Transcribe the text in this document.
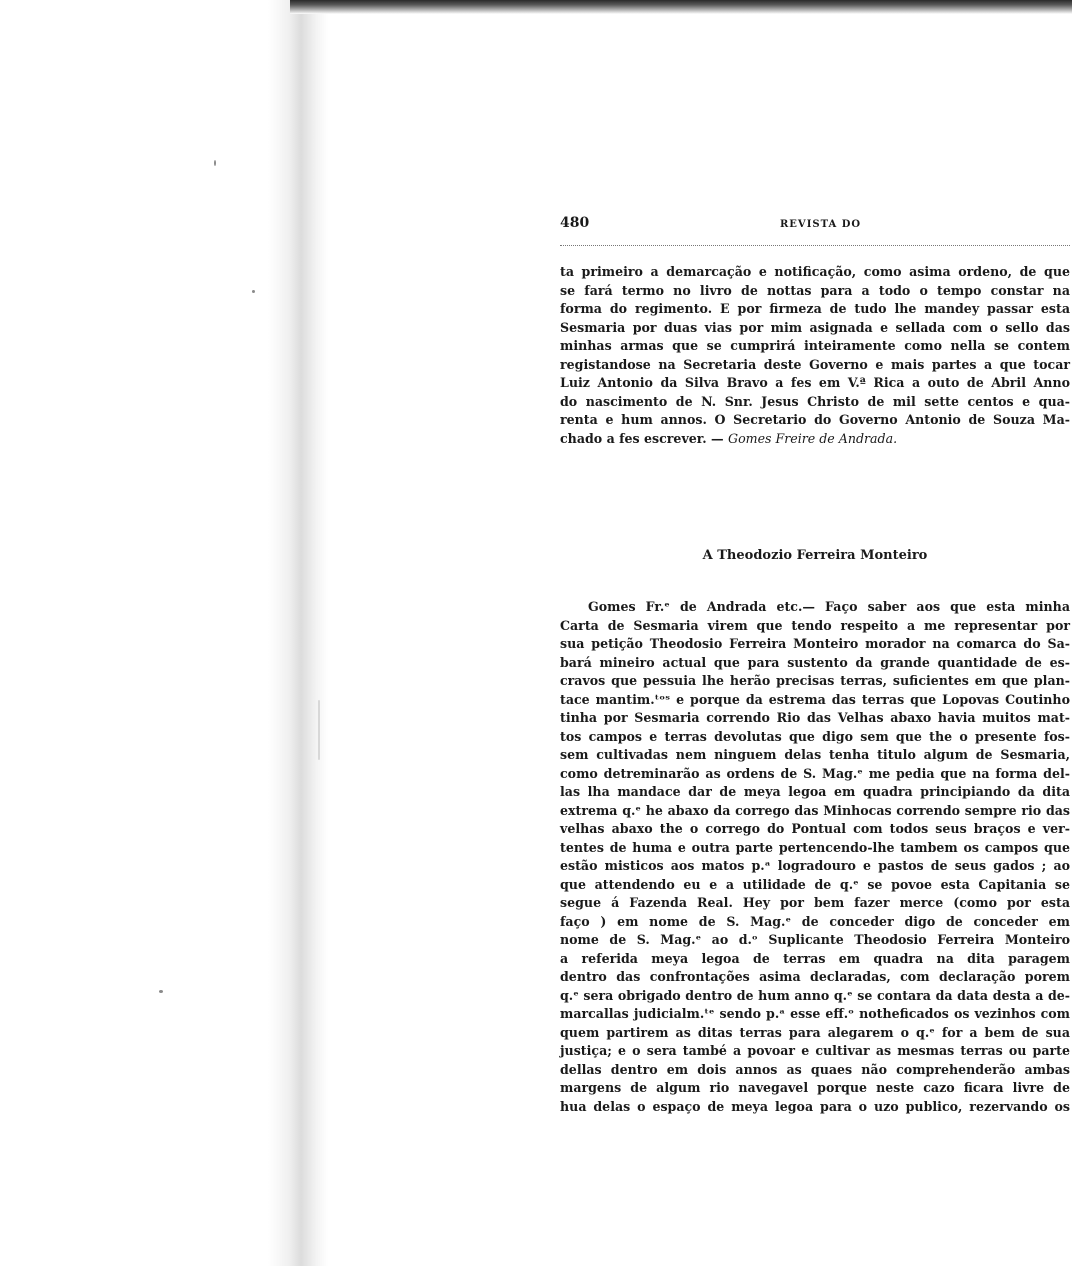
480	REVISTA DO
ta primeiro a demarcação e notificação, como asima ordeno, de que
se fará termo no livro de nottas para a todo o tempo constar na
forma do regimento. E por firmeza de tudo lhe mandey passar esta
Sesmaria por duas vias por mim asignada e sellada com o sello das
minhas armas que se cumprirá inteiramente como nella se contem
registandose na Secretaria deste Governo e mais partes a que tocar
Luiz Antonio da Silva Bravo a fes em V.ª Rica a outo de Abril Anno
do nascimento de N. Snr. Jesus Christo de mil sette centos e qua-
renta e hum annos. O Secretario do Governo Antonio de Souza Ma-
chado a fes escrever. — Gomes Freire de Andrada.
A Theodozio Ferreira Monteiro
Gomes Fr.ᵉ de Andrada etc.— Faço saber aos que esta minha
Carta de Sesmaria virem que tendo respeito a me representar por
sua petição Theodosio Ferreira Monteiro morador na comarca do Sa-
bará mineiro actual que para sustento da grande quantidade de es-
cravos que pessuia lhe herão precisas terras, suficientes em que plan-
tace mantim.ᵗᵒˢ e porque da estrema das terras que Lopovas Coutinho
tinha por Sesmaria correndo Rio das Velhas abaxo havia muitos mat-
tos campos e terras devolutas que digo sem que the o presente fos-
sem cultivadas nem ninguem delas tenha titulo algum de Sesmaria,
como detreminarão as ordens de S. Mag.ᵉ me pedia que na forma del-
las lha mandace dar de meya legoa em quadra principiando da dita
extrema q.ᵉ he abaxo da corrego das Minhocas correndo sempre rio das
velhas abaxo the o corrego do Pontual com todos seus braços e ver-
tentes de huma e outra parte pertencendo-lhe tambem os campos que
estão misticos aos matos p.ᵃ logradouro e pastos de seus gados ; ao
que attendendo eu e a utilidade de q.ᵉ se povoe esta Capitania se
segue á Fazenda Real. Hey por bem fazer merce (como por esta
faço ) em nome de S. Mag.ᵉ de conceder digo de conceder em
nome de S. Mag.ᵉ ao d.ᵒ Suplicante Theodosio Ferreira Monteiro
a referida meya legoa de terras em quadra na dita paragem
dentro das confrontações asima declaradas, com declaração porem
q.ᵉ sera obrigado dentro de hum anno q.ᵉ se contara da data desta a de-
marcallas judicialm.ᵗᵉ sendo p.ᵃ esse eff.ᵒ notheficados os vezinhos com
quem partirem as ditas terras para alegarem o q.ᵉ for a bem de sua
justiça; e o sera també a povoar e cultivar as mesmas terras ou parte
dellas dentro em dois annos as quaes não comprehenderão ambas
margens de algum rio navegavel porque neste cazo ficara livre de
hua delas o espaço de meya legoa para o uzo publico, rezervando os
